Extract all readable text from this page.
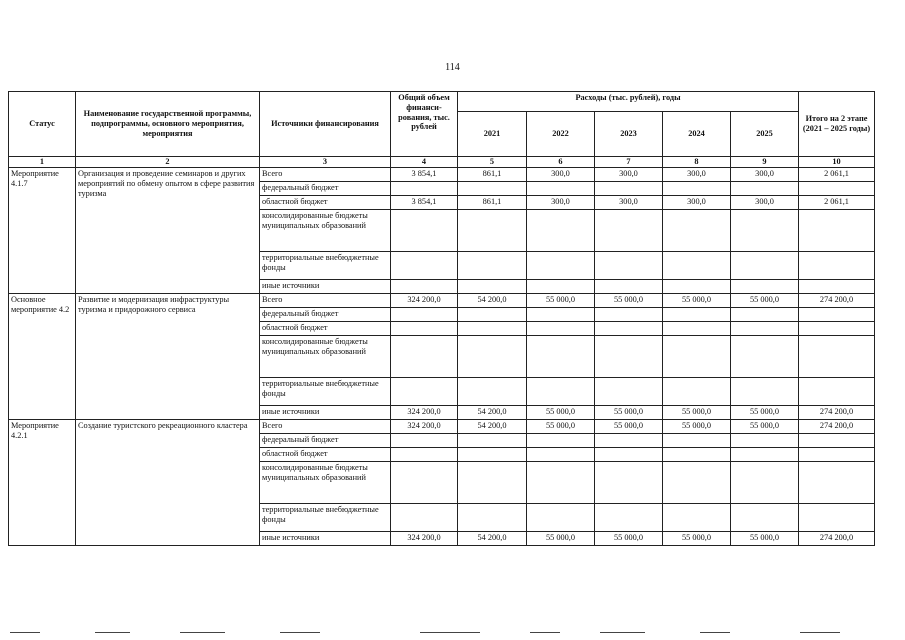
114
Статус	Наименование государственной программы, подпрограммы, основного мероприятия, мероприятия	Источники финансирования	Общий объем финанси-рования, тыс. рублей	Расходы (тыс. рублей), годы					Итого на 2 этапе (2021 – 2025 годы)
				2021	2022	2023	2024	2025	
1	2	3	4	5	6	7	8	9	10
Мероприятие 4.1.7	Организация и проведение семинаров и других мероприятий по обмену опытом в сфере развития туризма	Всего	3 854,1	861,1	300,0	300,0	300,0	300,0	2 061,1
		федеральный бюджет							
		областной бюджет	3 854,1	861,1	300,0	300,0	300,0	300,0	2 061,1
		консолидированные бюджеты муниципальных образований							
		территориальные внебюджетные фонды							
		иные источники							
Основное мероприятие 4.2	Развитие и модернизация инфраструктуры туризма и придорожного сервиса	Всего	324 200,0	54 200,0	55 000,0	55 000,0	55 000,0	55 000,0	274 200,0
		федеральный бюджет							
		областной бюджет							
		консолидированные бюджеты муниципальных образований							
		территориальные внебюджетные фонды							
		иные источники	324 200,0	54 200,0	55 000,0	55 000,0	55 000,0	55 000,0	274 200,0
Мероприятие 4.2.1	Создание туристского рекреационного кластера	Всего	324 200,0	54 200,0	55 000,0	55 000,0	55 000,0	55 000,0	274 200,0
		федеральный бюджет							
		областной бюджет							
		консолидированные бюджеты муниципальных образований							
		территориальные внебюджетные фонды							
		иные источники	324 200,0	54 200,0	55 000,0	55 000,0	55 000,0	55 000,0	274 200,0
